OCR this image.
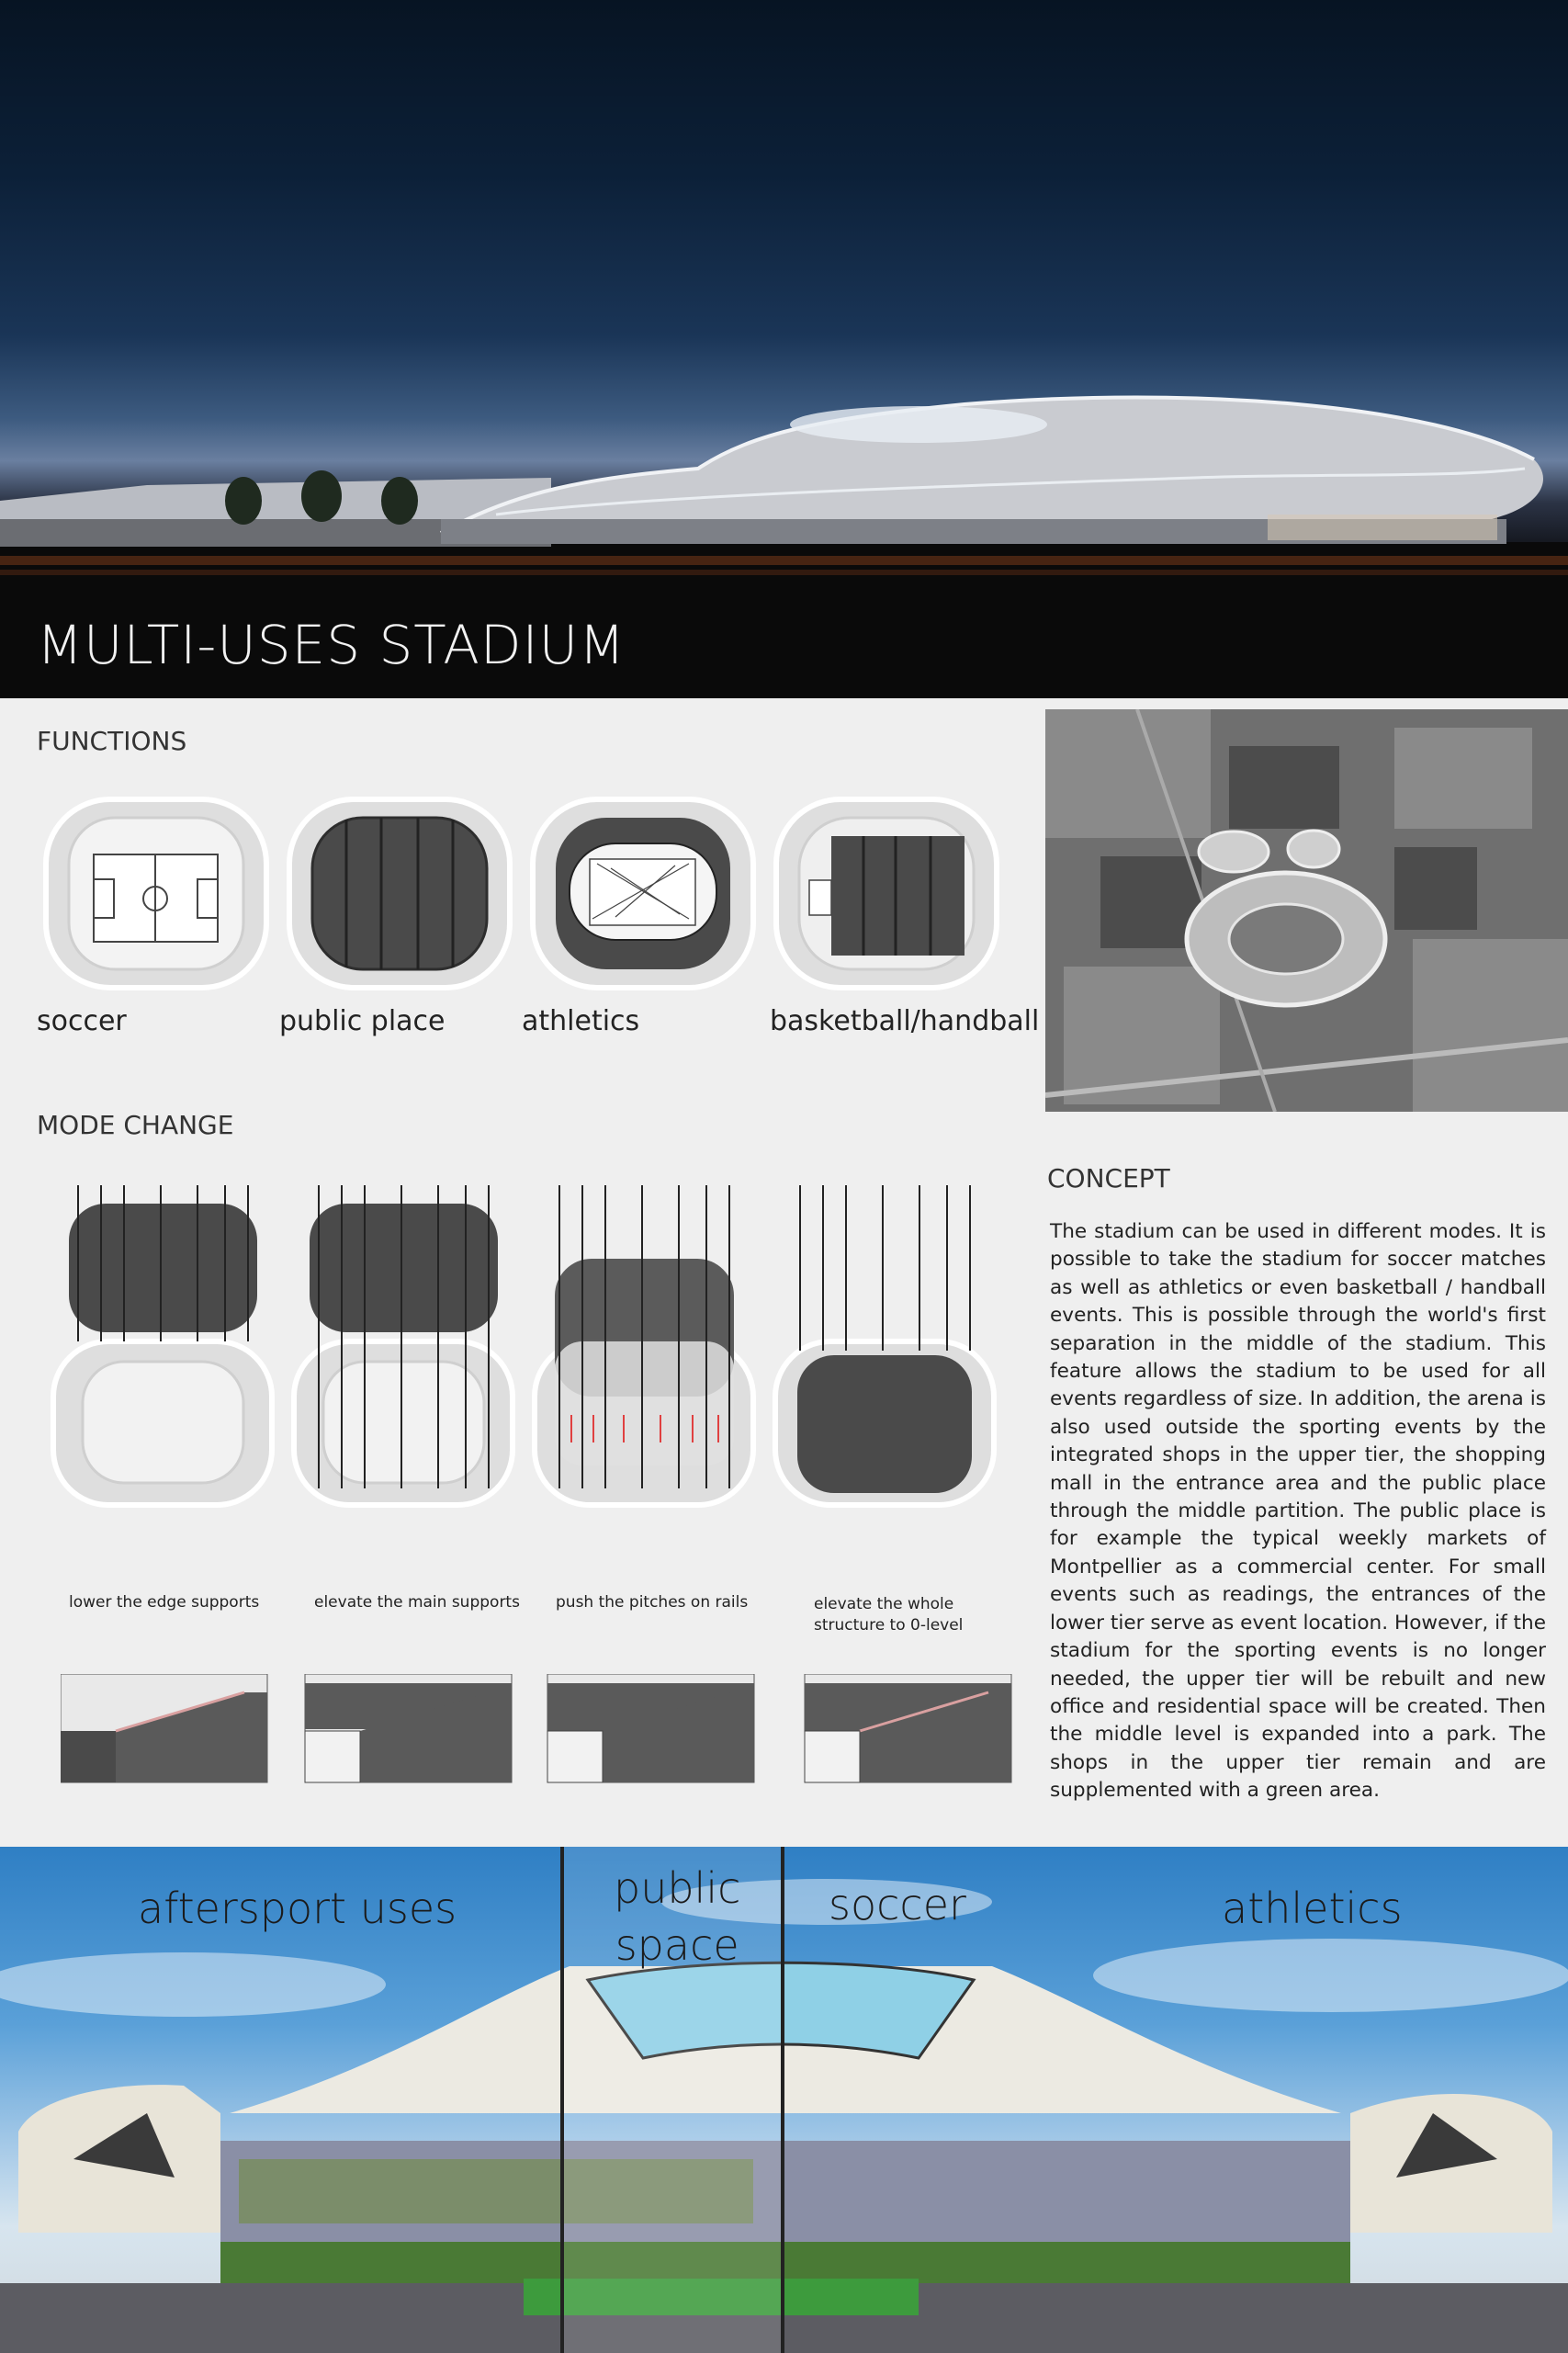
MULTI-USES STADIUM
FUNCTIONS
soccer	public place	athletics	basketball/handball
MODE CHANGE
lower the edge supports	elevate the main supports push the pitches on rails	elevate the whole
structure to 0-level
CONCEPT
The stadium can be used in different modes. It is possible to take the stadium for soccer matches as well as athletics or even basketball / handball events. This is possible through the world's first separation in the middle of the stadium. This feature allows the stadium to be used for all events regardless of size. In addition, the arena is also used outside the sporting events by the integrated shops in the upper tier, the shopping mall in the entrance area and the public place through the middle partition. The public place is for example the typical weekly markets of Montpellier as a commercial center. For small events such as readings, the entrances of the lower tier serve as event location. However, if the stadium for the sporting events is no longer needed, the upper tier will be rebuilt and new office and residential space will be created. Then the middle level is expanded into a park. The shops in the upper tier remain and are supplemented with a green area.
aftersport uses	public
space
soccer	athletics
